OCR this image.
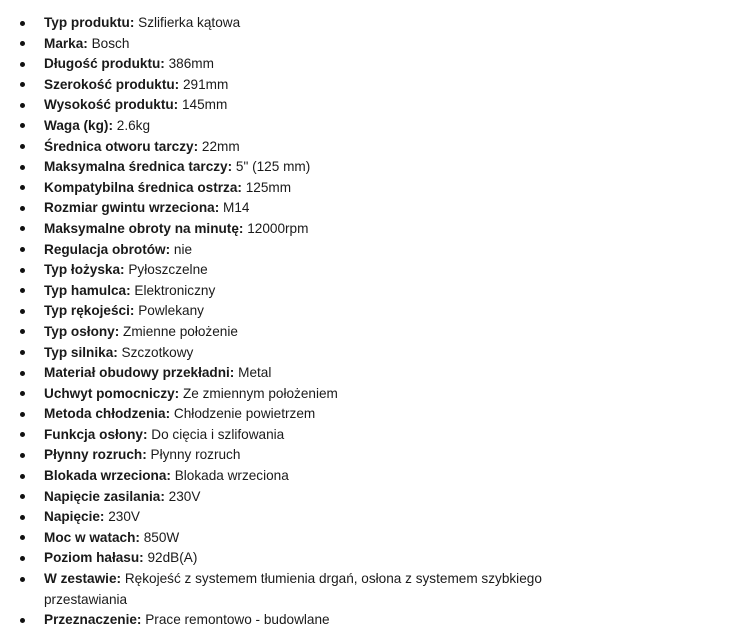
Typ produktu: Szlifierka kątowa
Marka: Bosch
Długość produktu: 386mm
Szerokość produktu: 291mm
Wysokość produktu: 145mm
Waga (kg): 2.6kg
Średnica otworu tarczy: 22mm
Maksymalna średnica tarczy: 5" (125 mm)
Kompatybilna średnica ostrza: 125mm
Rozmiar gwintu wrzeciona: M14
Maksymalne obroty na minutę: 12000rpm
Regulacja obrotów: nie
Typ łożyska: Pyłoszczelne
Typ hamulca: Elektroniczny
Typ rękojeści: Powlekany
Typ osłony: Zmienne położenie
Typ silnika: Szczotkowy
Materiał obudowy przekładni: Metal
Uchwyt pomocniczy: Ze zmiennym położeniem
Metoda chłodzenia: Chłodzenie powietrzem
Funkcja osłony: Do cięcia i szlifowania
Płynny rozruch: Płynny rozruch
Blokada wrzeciona: Blokada wrzeciona
Napięcie zasilania: 230V
Napięcie: 230V
Moc w watach: 850W
Poziom hałasu: 92dB(A)
W zestawie: Rękojeść z systemem tłumienia drgań, osłona z systemem szybkiego przestawiania
Przeznaczenie: Prace remontowo - budowlane
